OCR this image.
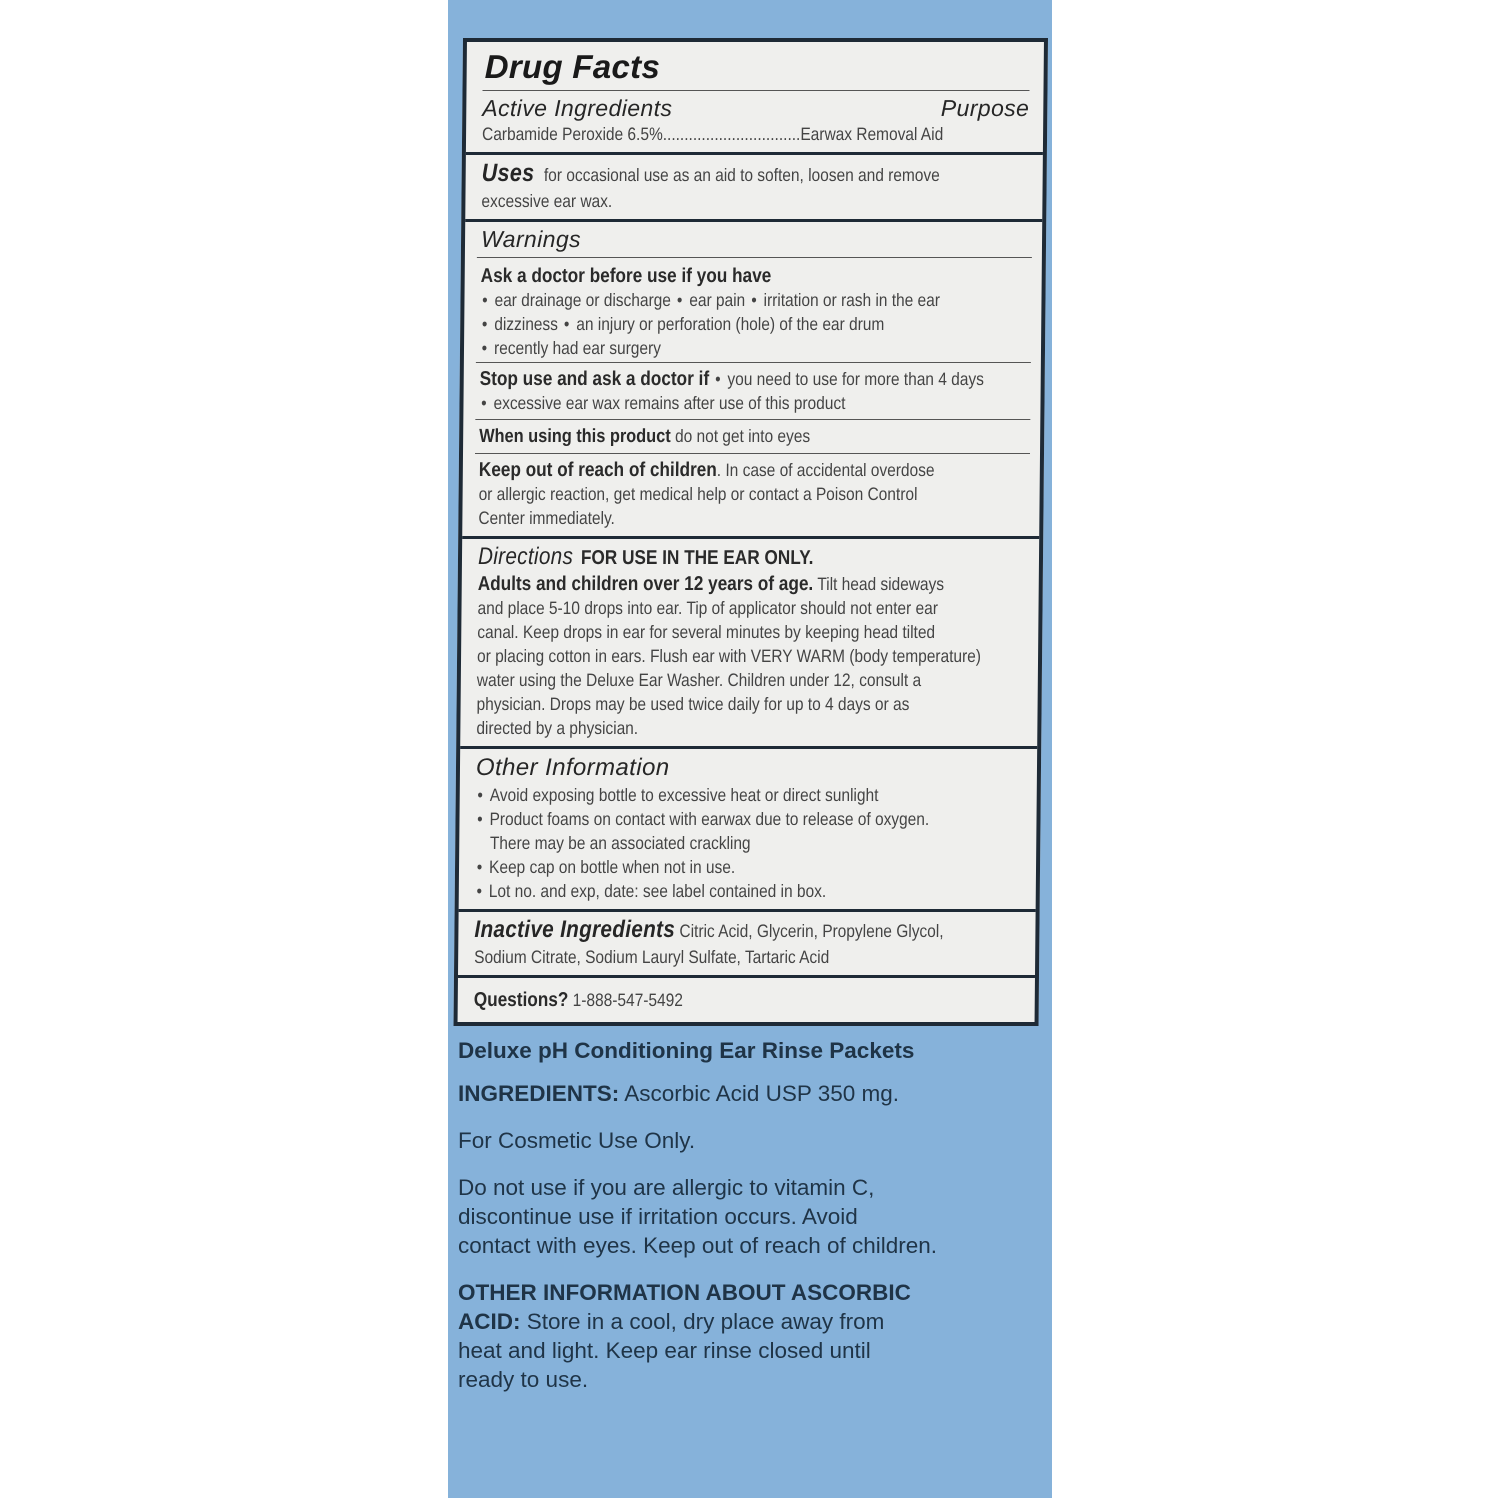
Drug Facts
Active Ingredients	Purpose
Carbamide Peroxide 6.5%................................Earwax Removal Aid
Uses for occasional use as an aid to soften, loosen and remove
excessive ear wax.
Warnings
Ask a doctor before use if you have
• ear drainage or discharge • ear pain • irritation or rash in the ear
• dizziness • an injury or perforation (hole) of the ear drum
• recently had ear surgery
Stop use and ask a doctor if • you need to use for more than 4 days
• excessive ear wax remains after use of this product
When using this product do not get into eyes
Keep out of reach of children. In case of accidental overdose
or allergic reaction, get medical help or contact a Poison Control
Center immediately.
Directions FOR USE IN THE EAR ONLY.
Adults and children over 12 years of age. Tilt head sideways
and place 5-10 drops into ear. Tip of applicator should not enter ear
canal. Keep drops in ear for several minutes by keeping head tilted
or placing cotton in ears. Flush ear with VERY WARM (body temperature)
water using the Deluxe Ear Washer. Children under 12, consult a
physician. Drops may be used twice daily for up to 4 days or as
directed by a physician.
Other Information
• Avoid exposing bottle to excessive heat or direct sunlight
• Product foams on contact with earwax due to release of oxygen.
There may be an associated crackling
• Keep cap on bottle when not in use.
• Lot no. and exp, date: see label contained in box.
Inactive Ingredients Citric Acid, Glycerin, Propylene Glycol,
Sodium Citrate, Sodium Lauryl Sulfate, Tartaric Acid
Questions? 1-888-547-5492

Deluxe pH Conditioning Ear Rinse Packets

INGREDIENTS: Ascorbic Acid USP 350 mg.

For Cosmetic Use Only.

Do not use if you are allergic to vitamin C,

discontinue use if irritation occurs. Avoid

contact with eyes. Keep out of reach of children.

OTHER INFORMATION ABOUT ASCORBIC

ACID: Store in a cool, dry place away from

heat and light. Keep ear rinse closed until

ready to use.
